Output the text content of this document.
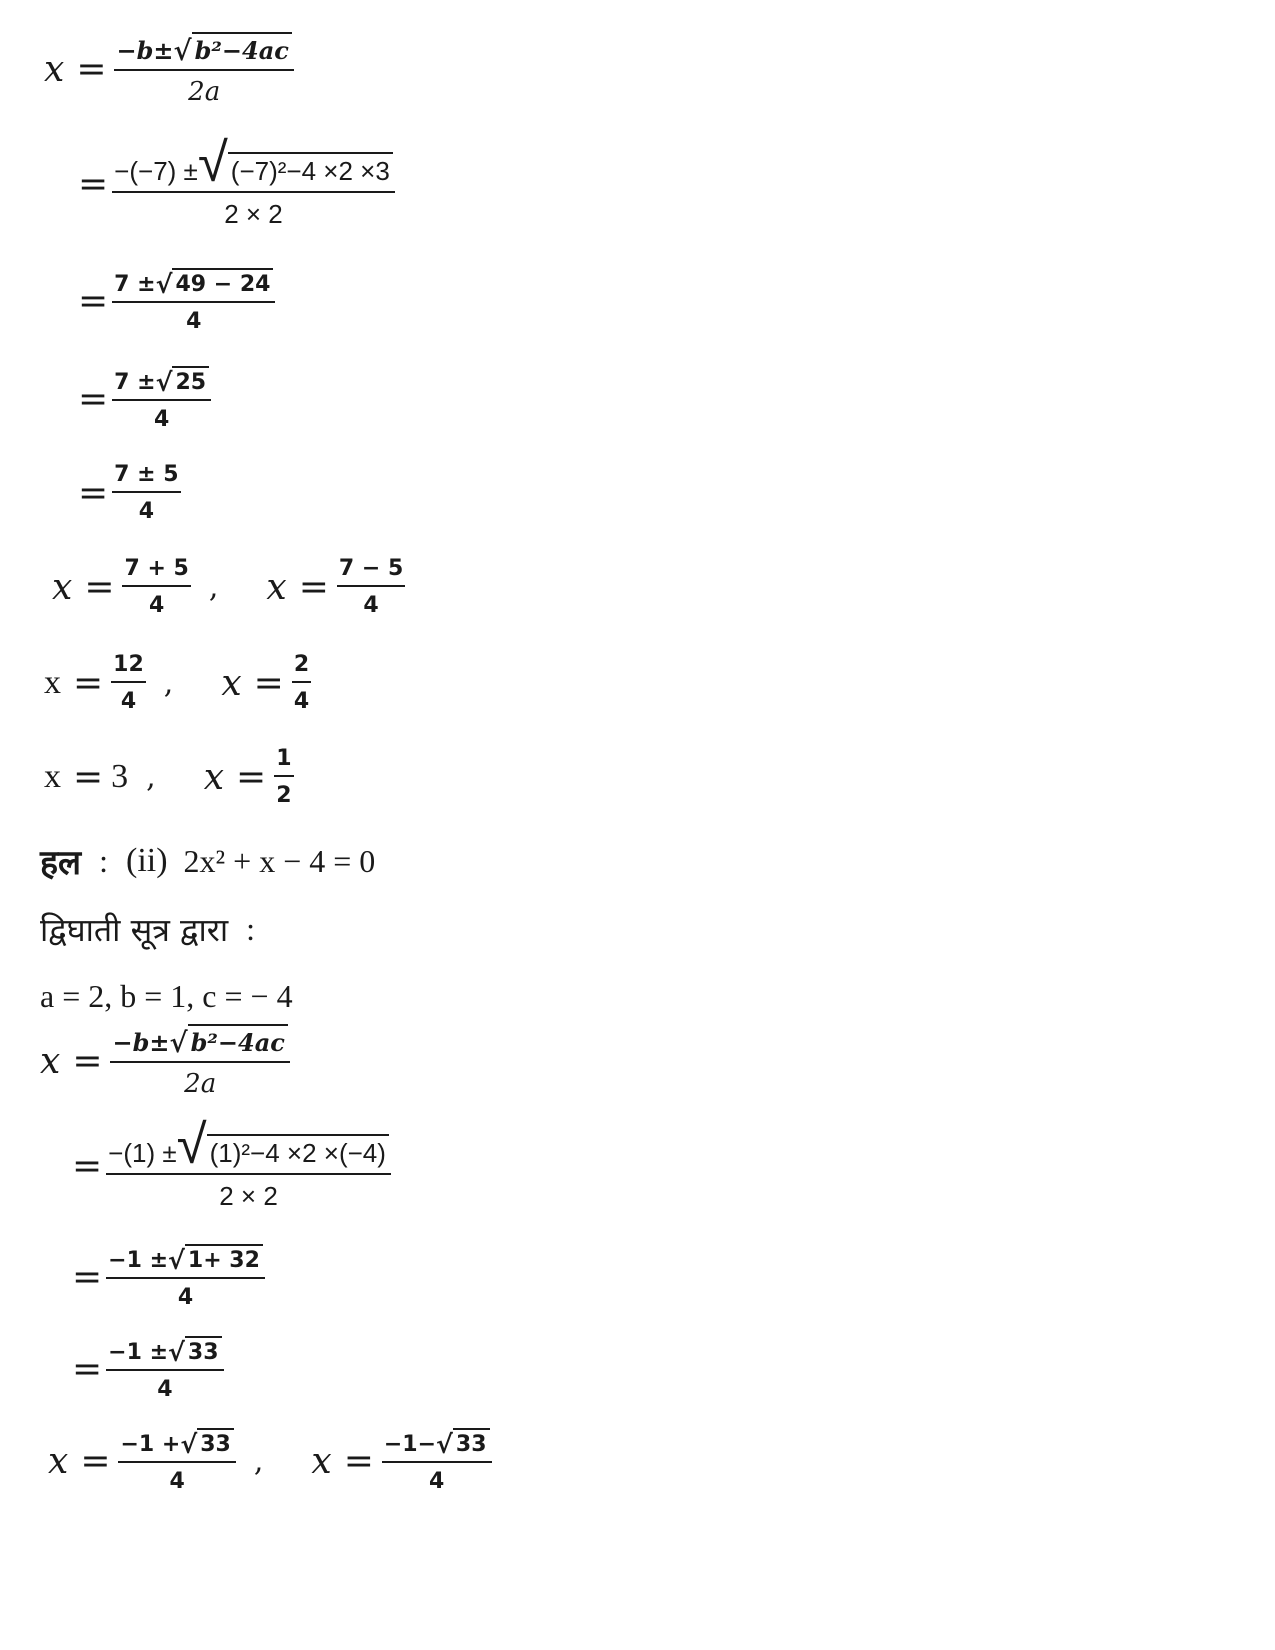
$x = \frac{\text{−b± √ b²−4ac}}{2a}$
= $\frac{\text{−(−7) ± √ (−7)²−4 ×2 ×3}}{2 \times 2}$
= $\frac{7 \pm √ 49 - 24}{4}$
= $\frac{7 \pm √ 25}{4}$
= $\frac{7 \pm 5}{4}$
$x = \frac{7 + 5}{4}$ , $x = \frac{7 - 5}{4}$
$x = \frac{12}{4}$ , $x = \frac{2}{4}$
x = 3 , $x = \frac{1}{2}$
हल : (ii) 2x² + x − 4 = 0
द्विघाती सूत्र द्वारा :
a = 2, b = 1, c = − 4
$x = \frac{\text{−b± √ b²−4ac}}{2a}$
= $\frac{\text{−(1) ± √ (1)²−4 ×2 ×(−4)}}{2 \times 2}$
= $\frac{-1 \pm √ 1+ 32}{4}$
= $\frac{-1 \pm √ 33}{4}$
$x = \frac{-1 + √ 33}{4}$ , $x = \frac{-1- √ 33}{4}$
